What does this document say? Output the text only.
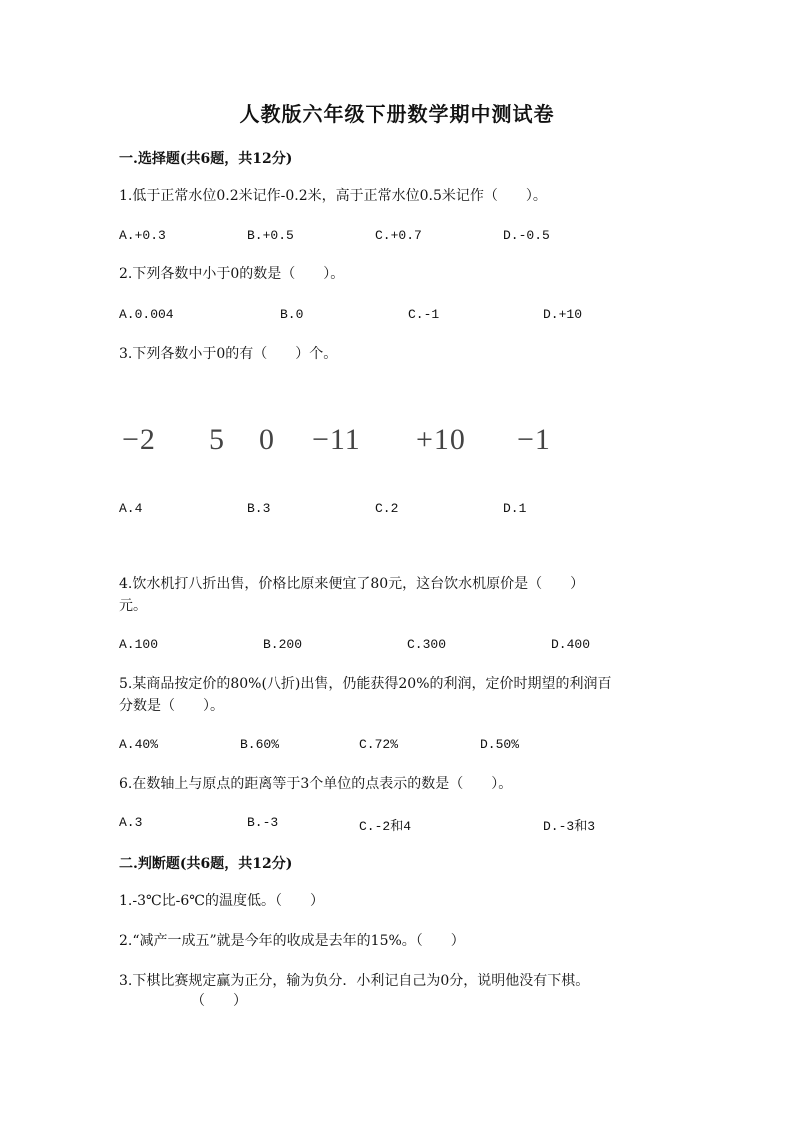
人教版六年级下册数学期中测试卷
一.选择题(共6题，共12分)
1.低于正常水位0.2米记作-0.2米，高于正常水位0.5米记作（　　）。
A.+0.3	B.+0.5	C.+0.7	D.-0.5
2.下列各数中小于0的数是（　　）。
A.0.004	B.0	C.-1	D.+10
3.下列各数小于0的有（　　）个。
−2 5 0 −11 +10 −1
A.4	B.3	C.2	D.1
4.饮水机打八折出售，价格比原来便宜了80元，这台饮水机原价是（　　）
元。
A.100	B.200	C.300	D.400
5.某商品按定价的80%(八折)出售，仍能获得20%的利润，定价时期望的利润百
分数是（　　）。
A.40%	B.60%	C.72%	D.50%
6.在数轴上与原点的距离等于3个单位的点表示的数是（　　）。
A.3	B.-3	C.-2和4	D.-3和3
二.判断题(共6题，共12分)
1.-3℃比-6℃的温度低。（　　）
2.“减产一成五”就是今年的收成是去年的15%。（　　）
3.下棋比赛规定赢为正分，输为负分．小利记自己为0分，说明他没有下棋。
（　　）
